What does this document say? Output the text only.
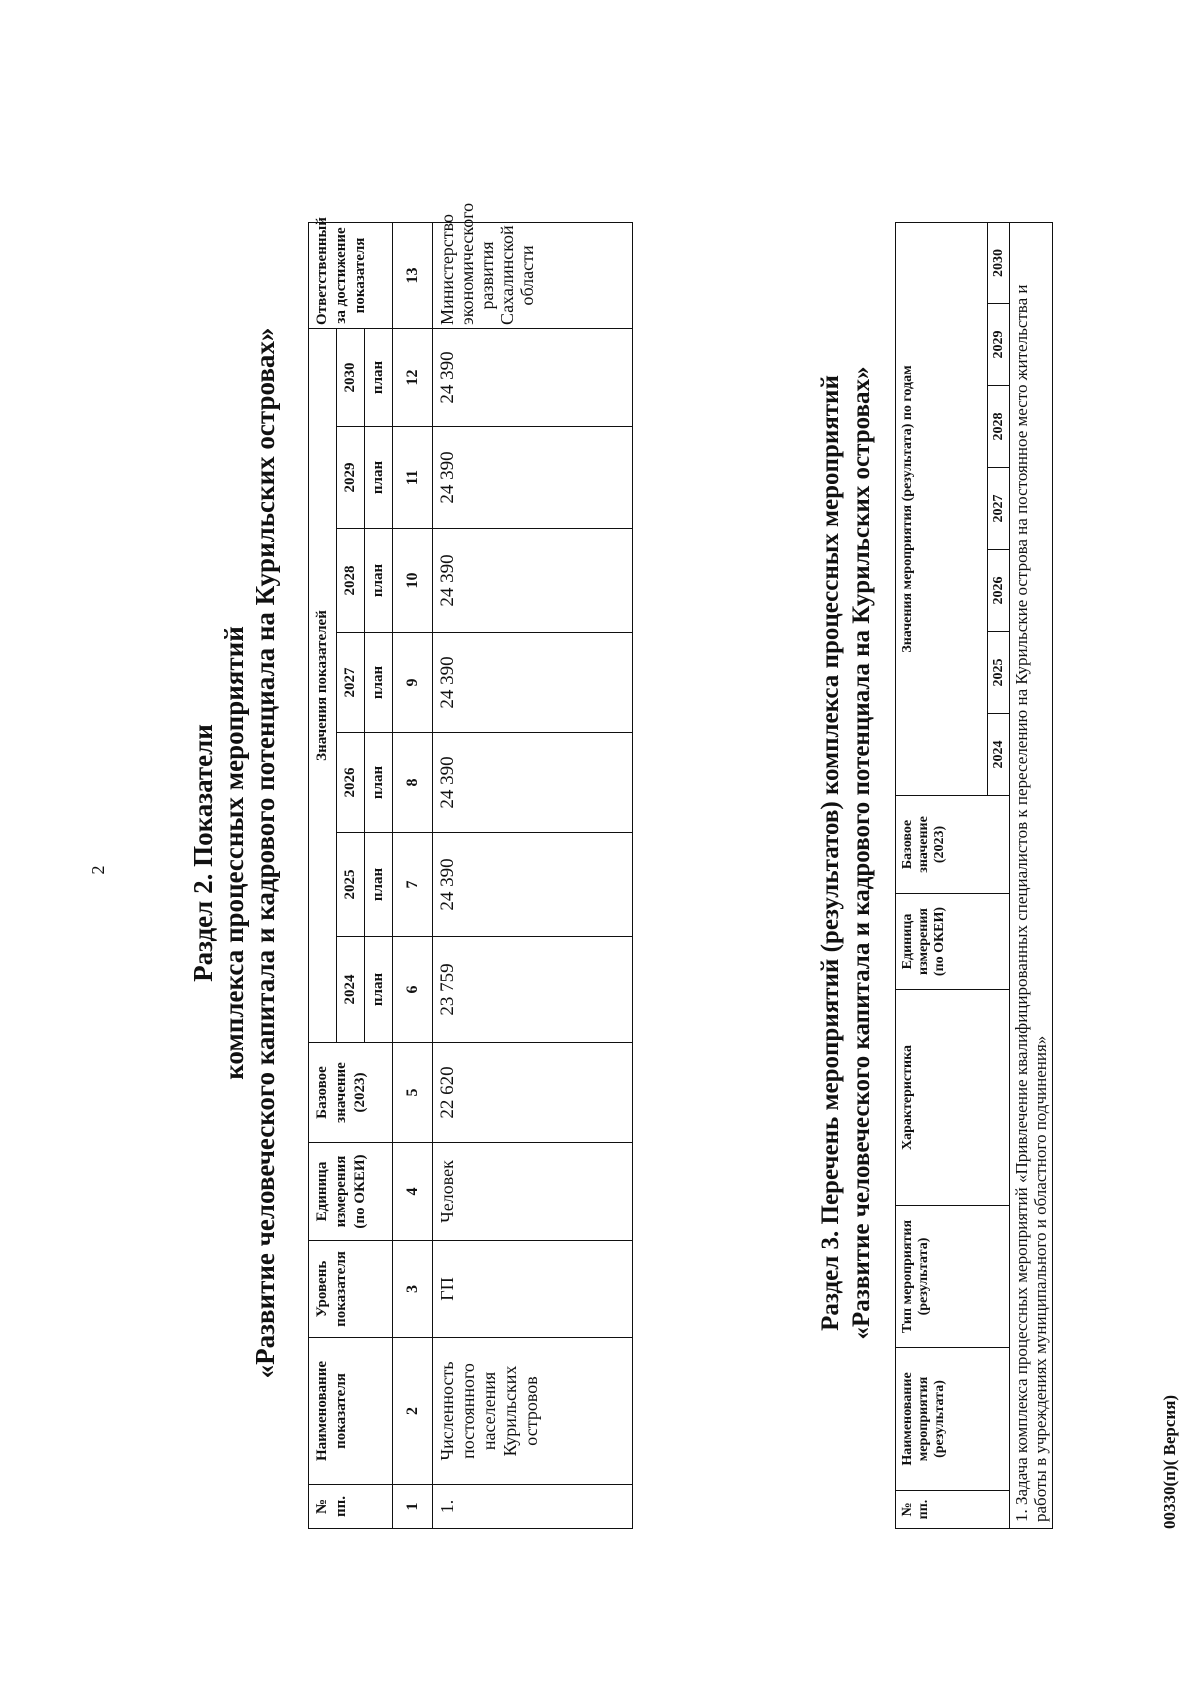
2	Раздел 2. Показатели комплекса процессных мероприятий «Развитие человеческого капитала и кадрового потенциала на Курильских островах»
№ пп.	Наименование показателя	Уровень показателя	Единица измерения (по ОКЕИ)	Базовое значение (2023)	Значения показателей							Ответственный за достижение показателя
					2024	2025	2026	2027	2028	2029	2030	
					план	план	план	план	план	план	план	
1	2	3	4	5	6	7	8	9	10	11	12	13
1.	Численность постоянного населения Курильских островов	ГП	Человек	22 620	23 759	24 390	24 390	24 390	24 390	24 390	24 390	Министерство экономического развития Сахалинской области
Раздел 3. Перечень мероприятий (результатов) комплекса процессных мероприятий «Развитие человеческого капитала и кадрового потенциала на Курильских островах»
№ пп.	Наименование мероприятия (результата)	Тип мероприятия (результата)	Характеристика	Единица измерения (по ОКЕИ)	Базовое значение (2023)	Значения мероприятия (результата) по годам						
						2024	2025	2026	2027	2028	2029	2030
1. Задача комплекса процессных мероприятий «Привлечение квалифицированных специалистов к переселению на Курильские острова на постоянное место жительства и работы в учреждениях муниципального и областного подчинения»													00330(п)( Версия)
